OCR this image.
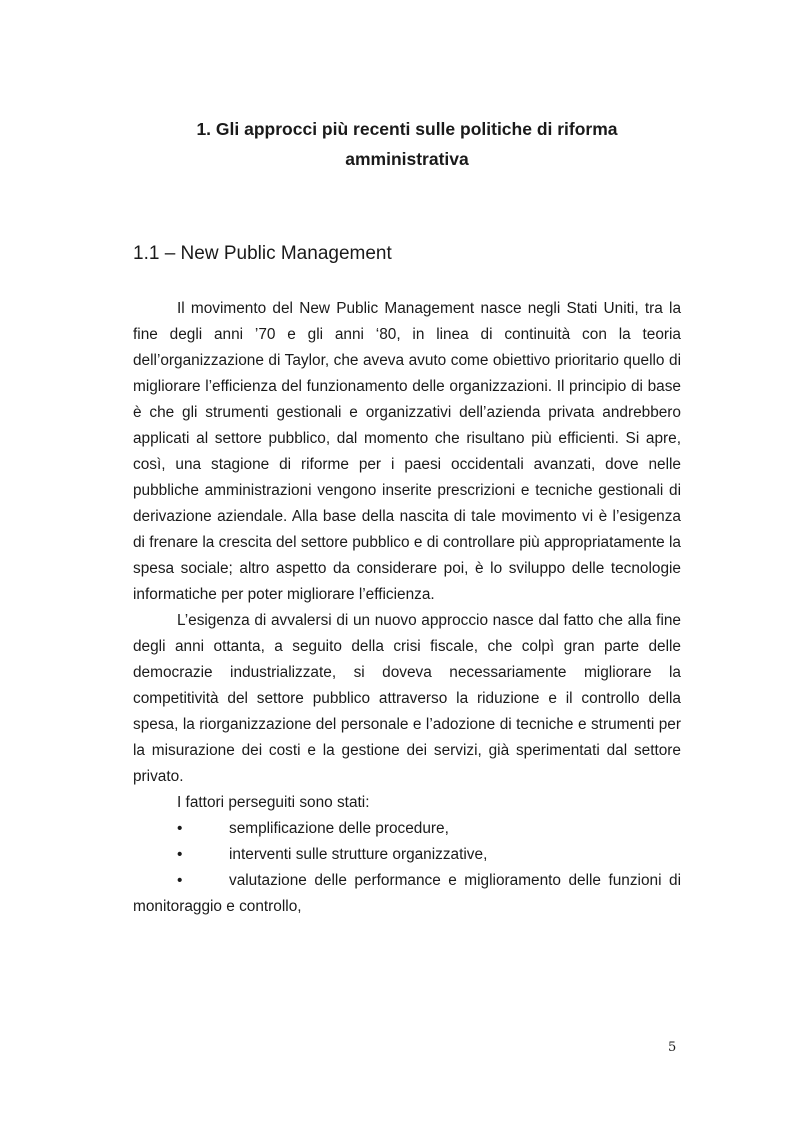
1. Gli approcci più recenti sulle politiche di riforma amministrativa
1.1 – New Public Management

Il movimento del New Public Management nasce negli Stati Uniti, tra la fine degli anni ’70 e gli anni ‘80, in linea di continuità con la teoria dell’organizzazione di Taylor, che aveva avuto come obiettivo prioritario quello di migliorare l’efficienza del funzionamento delle organizzazioni. Il principio di base è che gli strumenti gestionali e organizzativi dell’azienda privata andrebbero applicati al settore pubblico, dal momento che risultano più efficienti. Si apre, così, una stagione di riforme per i paesi occidentali avanzati, dove nelle pubbliche amministrazioni vengono inserite prescrizioni e tecniche gestionali di derivazione aziendale. Alla base della nascita di tale movimento vi è l’esigenza di frenare la crescita del settore pubblico e di controllare più appropriatamente la spesa sociale; altro aspetto da considerare poi, è lo sviluppo delle tecnologie informatiche per poter migliorare l’efficienza.

L’esigenza di avvalersi di un nuovo approccio nasce dal fatto che alla fine degli anni ottanta, a seguito della crisi fiscale, che colpì gran parte delle democrazie industrializzate, si doveva necessariamente migliorare la competitività del settore pubblico attraverso la riduzione e il controllo della spesa, la riorganizzazione del personale e l’adozione di tecniche e strumenti per la misurazione dei costi e la gestione dei servizi, già sperimentati dal settore privato.

I fattori perseguiti sono stati:

•	semplificazione delle procedure,
•	interventi sulle strutture organizzative,
•	valutazione delle performance e miglioramento delle funzioni di monitoraggio e controllo,
5
